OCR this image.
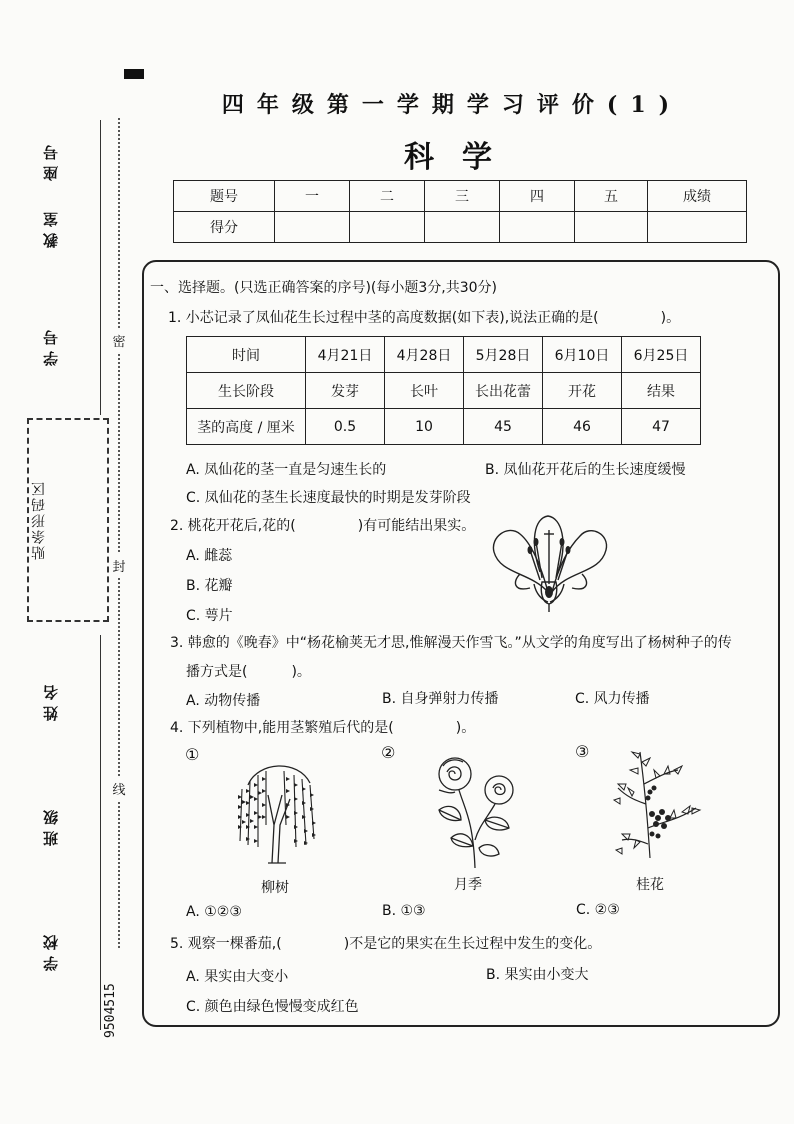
座号
教室
学号
贴条形码区
姓名
班级
学校
密
封
线
9504515
四年级第一学期学习评价(1)
科学
题号	一	二	三	四	五	成绩
得分						
一、选择题。(只选正确答案的序号)(每小题3分,共30分)
1. 小芯记录了凤仙花生长过程中茎的高度数据(如下表),说法正确的是(	)。
时间	4月21日	4月28日	5月28日	6月10日	6月25日
生长阶段	发芽	长叶	长出花蕾	开花	结果
茎的高度 / 厘米	0.5	10	45	46	47
A. 凤仙花的茎一直是匀速生长的	B. 凤仙花开花后的生长速度缓慢
C. 凤仙花的茎生长速度最快的时期是发芽阶段
2. 桃花开花后,花的(	)有可能结出果实。
A. 雌蕊
B. 花瓣
C. 萼片
3. 韩愈的《晚春》中“杨花榆荚无才思,惟解漫天作雪飞。”从文学的角度写出了杨树种子的传
播方式是(	)。
A. 动物传播	B. 自身弹射力传播	C. 风力传播
4. 下列植物中,能用茎繁殖后代的是(	)。
①	②	③
柳树	月季	桂花
A. ①②③	B. ①③	C. ②③
5. 观察一棵番茄,(	)不是它的果实在生长过程中发生的变化。
A. 果实由大变小	B. 果实由小变大
C. 颜色由绿色慢慢变成红色
